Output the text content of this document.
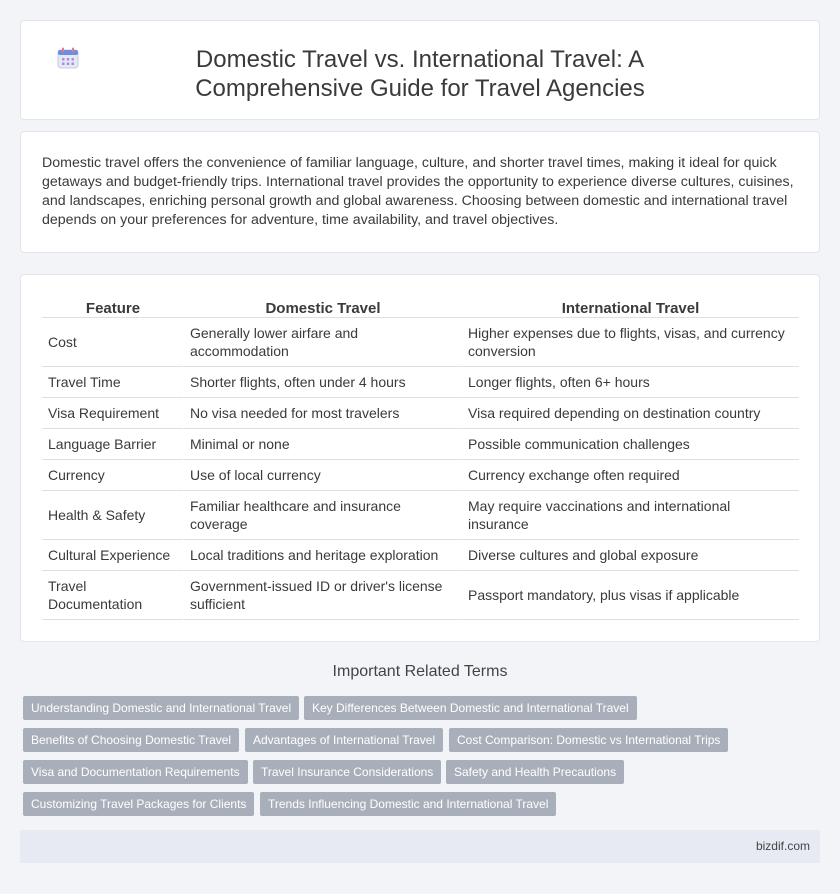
Domestic Travel vs. International Travel: A Comprehensive Guide for Travel Agencies

Domestic travel offers the convenience of familiar language, culture, and shorter travel times, making it ideal for quick getaways and budget-friendly trips. International travel provides the opportunity to experience diverse cultures, cuisines, and landscapes, enriching personal growth and global awareness. Choosing between domestic and international travel depends on your preferences for adventure, time availability, and travel objectives.

Feature	Domestic Travel	International Travel
Cost	Generally lower airfare and accommodation	Higher expenses due to flights, visas, and currency conversion
Travel Time	Shorter flights, often under 4 hours	Longer flights, often 6+ hours
Visa Requirement	No visa needed for most travelers	Visa required depending on destination country
Language Barrier	Minimal or none	Possible communication challenges
Currency	Use of local currency	Currency exchange often required
Health & Safety	Familiar healthcare and insurance coverage	May require vaccinations and international insurance
Cultural Experience	Local traditions and heritage exploration	Diverse cultures and global exposure
Travel Documentation	Government-issued ID or driver's license sufficient	Passport mandatory, plus visas if applicable
Important Related Terms
Understanding Domestic and International Travel	Key Differences Between Domestic and International Travel
Benefits of Choosing Domestic Travel	Advantages of International Travel	Cost Comparison: Domestic vs International Trips
Visa and Documentation Requirements	Travel Insurance Considerations	Safety and Health Precautions
Customizing Travel Packages for Clients	Trends Influencing Domestic and International Travel
bizdif.com
